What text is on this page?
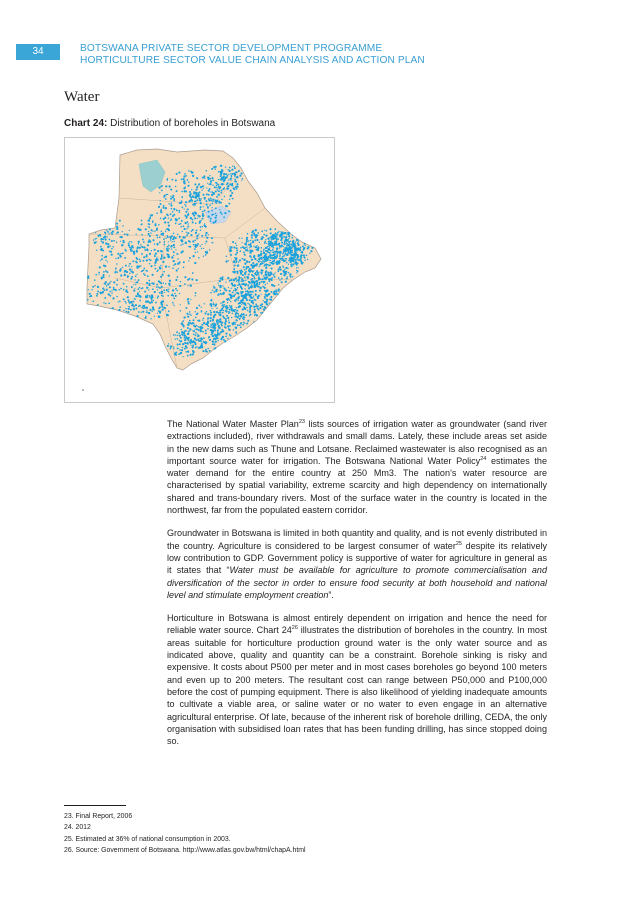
34	BOTSWANA PRIVATE SECTOR DEVELOPMENT PROGRAMME
HORTICULTURE SECTOR VALUE CHAIN ANALYSIS AND ACTION PLAN
Water
Chart 24: Distribution of boreholes in Botswana

The National Water Master Plan$^{23}$ lists sources of irrigation water as groundwater (sand river extractions included), river withdrawals and small dams. Lately, these include areas set aside in the new dams such as Thune and Lotsane. Reclaimed wastewater is also recognised as an important source water for irrigation. The Botswana National Water Policy$^{24}$ estimates the water demand for the entire country at 250 Mm3. The nation’s water resource are characterised by spatial variability, extreme scarcity and high dependency on internationally shared and trans-boundary rivers. Most of the surface water in the country is located in the northwest, far from the populated eastern corridor.

Groundwater in Botswana is limited in both quantity and quality, and is not evenly distributed in the country. Agriculture is considered to be largest consumer of water$^{25}$ despite its relatively low contribution to GDP. Government policy is supportive of water for agriculture in general as it states that “Water must be available for agriculture to promote commercialisation and diversification of the sector in order to ensure food security at both household and national level and stimulate employment creation”.

Horticulture in Botswana is almost entirely dependent on irrigation and hence the need for reliable water source. Chart $24^{26}$ illustrates the distribution of boreholes in the country. In most areas suitable for horticulture production ground water is the only water source and as indicated above, quality and quantity can be a constraint. Borehole sinking is risky and expensive. It costs about P500 per meter and in most cases boreholes go beyond 100 meters and even up to 200 meters. The resultant cost can range between P50,000 and P100,000 before the cost of pumping equipment. There is also likelihood of yielding inadequate amounts to cultivate a viable area, or saline water or no water to even engage in an alternative agricultural enterprise. Of late, because of the inherent risk of borehole drilling, CEDA, the only organisation with subsidised loan rates that has been funding drilling, has since stopped doing so.

23. Final Report, 2006
24. 2012
25. Estimated at 36% of national consumption in 2003.
26. Source: Government of Botswana. http://www.atlas.gov.bw/html/chapA.html
